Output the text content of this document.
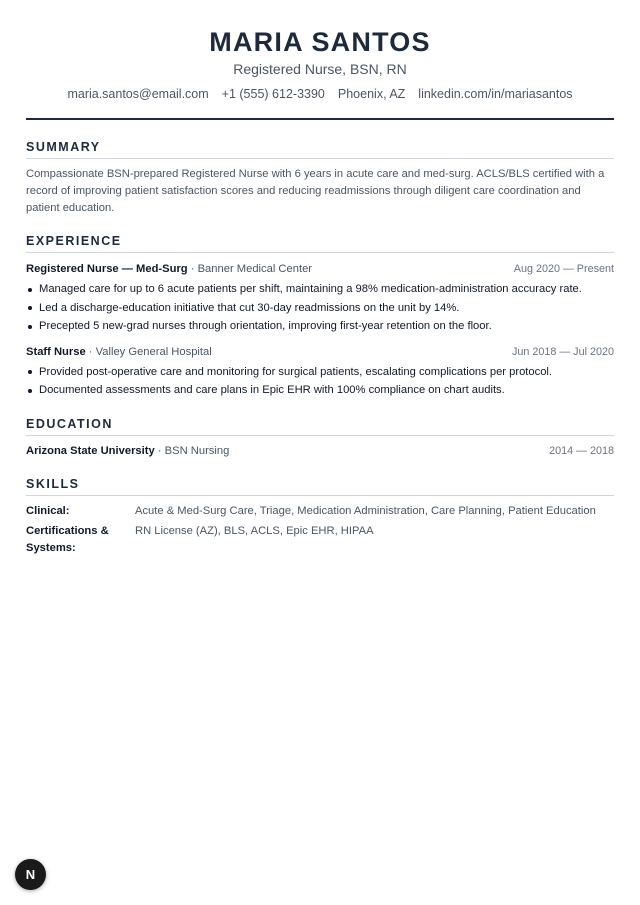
MARIA SANTOS
Registered Nurse, BSN, RN
maria.santos@email.com +1 (555) 612-3390 Phoenix, AZ linkedin.com/in/mariasantos
SUMMARY

Compassionate BSN-prepared Registered Nurse with 6 years in acute care and med-surg. ACLS/BLS certified with a record of improving patient satisfaction scores and reducing readmissions through diligent care coordination and patient education.

EXPERIENCE
Registered Nurse — Med-Surg · Banner Medical Center	Aug 2020 — Present
Managed care for up to 6 acute patients per shift, maintaining a 98% medication-administration accuracy rate.
Led a discharge-education initiative that cut 30-day readmissions on the unit by 14%.
Precepted 5 new-grad nurses through orientation, improving first-year retention on the floor.
Staff Nurse · Valley General Hospital	Jun 2018 — Jul 2020
Provided post-operative care and monitoring for surgical patients, escalating complications per protocol.
Documented assessments and care plans in Epic EHR with 100% compliance on chart audits.
EDUCATION
Arizona State University · BSN Nursing	2014 — 2018
SKILLS
Clinical:	Acute & Med-Surg Care, Triage, Medication Administration, Care Planning, Patient Education
Certifications & Systems:
RN License (AZ), BLS, ACLS, Epic EHR, HIPAA
N
